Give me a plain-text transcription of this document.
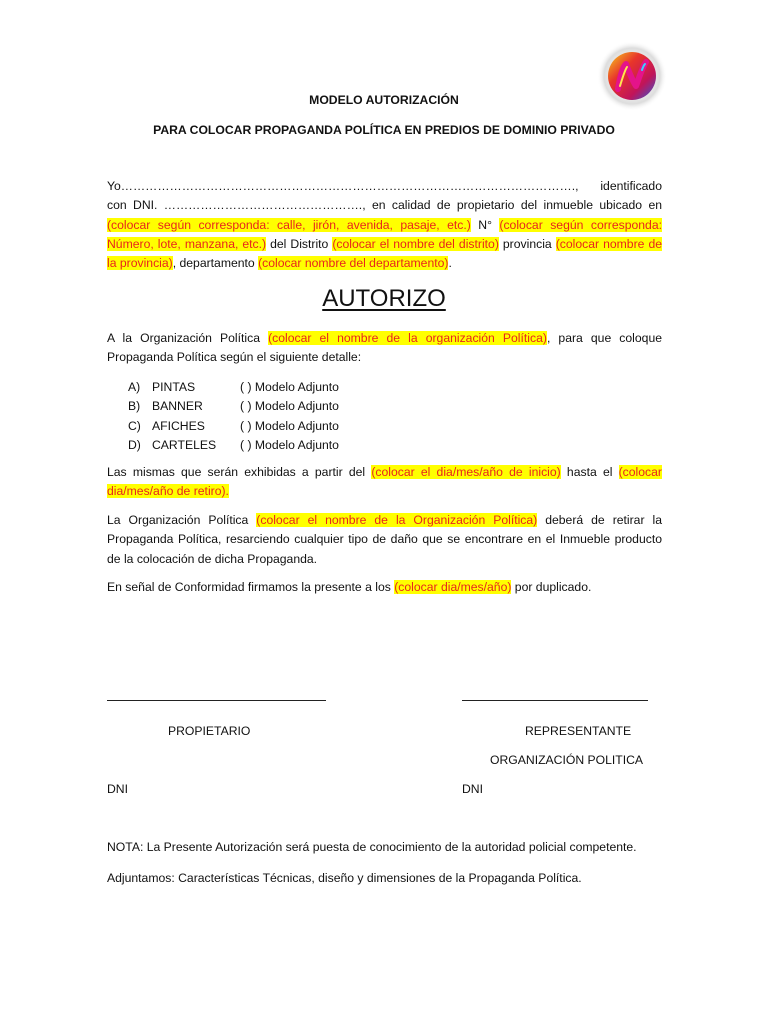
MODELO AUTORIZACIÓN
PARA COLOCAR PROPAGANDA POLÍTICA EN PREDIOS DE DOMINIO PRIVADO
Yo…………………………………………………………………………………………………., identificado con DNI. …………………………………………., en calidad de propietario del inmueble ubicado en (colocar según corresponda: calle, jirón, avenida, pasaje, etc.) N° (colocar según corresponda: Número, lote, manzana, etc.) del Distrito (colocar el nombre del distrito) provincia (colocar nombre de la provincia), departamento (colocar nombre del departamento).
AUTORIZO
A la Organización Política (colocar el nombre de la organización Política), para que coloque Propaganda Política según el siguiente detalle:
A) PINTAS	( ) Modelo Adjunto
B) BANNER	( ) Modelo Adjunto
C) AFICHES	( ) Modelo Adjunto
D) CARTELES ( ) Modelo Adjunto
Las mismas que serán exhibidas a partir del (colocar el dia/mes/año de inicio) hasta el (colocar dia/mes/año de retiro).
La Organización Política (colocar el nombre de la Organización Política) deberá de retirar la Propaganda Política, resarciendo cualquier tipo de daño que se encontrare en el Inmueble producto de la colocación de dicha Propaganda.
En señal de Conformidad firmamos la presente a los (colocar dia/mes/año) por duplicado.
PROPIETARIO	REPRESENTANTE
ORGANIZACIÓN POLITICA
DNI	DNI
NOTA: La Presente Autorización será puesta de conocimiento de la autoridad policial competente.
Adjuntamos: Características Técnicas, diseño y dimensiones de la Propaganda Política.
